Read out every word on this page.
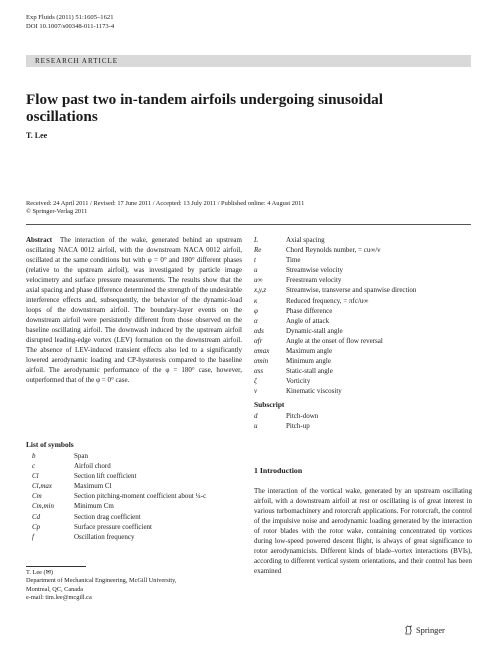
Exp Fluids (2011) 51:1605–1621
DOI 10.1007/s00348-011-1173-4
RESEARCH ARTICLE
Flow past two in-tandem airfoils undergoing sinusoidal oscillations
T. Lee
Received: 24 April 2011 / Revised: 17 June 2011 / Accepted: 13 July 2011 / Published online: 4 August 2011
© Springer-Verlag 2011
Abstract The interaction of the wake, generated behind an upstream oscillating NACA 0012 airfoil, with the downstream NACA 0012 airfoil, oscillated at the same conditions but with φ = 0° and 180° different phases (relative to the upstream airfoil), was investigated by particle image velocimetry and surface pressure measurements. The results show that the axial spacing and phase difference determined the strength of the undesirable interference effects and, subsequently, the behavior of the dynamic-load loops of the downstream airfoil. The boundary-layer events on the downstream airfoil were persistently different from those observed on the baseline oscillating airfoil. The downwash induced by the upstream airfoil disrupted leading-edge vortex (LEV) formation on the downstream airfoil. The absence of LEV-induced transient effects also led to a significantly lowered aerodynamic loading and CP-hysteresis compared to the baseline airfoil. The aerodynamic performance of the φ = 180° case, however, outperformed that of the φ = 0° case.
List of symbols
b	Span
c	Airfoil chord
Cl	Section lift coefficient
Cl,max	Maximum Cl
Cm	Section pitching-moment coefficient about ¼-c
Cm,min	Minimum Cm
Cd	Section drag coefficient
Cp	Surface pressure coefficient
f	Oscillation frequency
L	Axial spacing
Re	Chord Reynolds number, = cu∞/ν
t	Time
u	Streamwise velocity
u∞	Freestream velocity
x,y,z	Streamwise, transverse and spanwise direction
κ	Reduced frequency, = πfc/u∞
φ	Phase difference
α	Angle of attack
αds	Dynamic-stall angle
αfr	Angle at the onset of flow reversal
αmax Maximum angle
αmin	Minimum angle
αss	Static-stall angle
ζ	Vorticity
ν	Kinematic viscosity
Subscript
d	Pitch-down
u	Pitch-up
T. Lee (✉)
Department of Mechanical Engineering, McGill University,
Montreal, QC, Canada
e-mail: tim.lee@mcgill.ca
1 Introduction
The interaction of the vortical wake, generated by an upstream oscillating airfoil, with a downstream airfoil at rest or oscillating is of great interest in various turbomachinery and rotorcraft applications. For rotorcraft, the control of the impulsive noise and aerodynamic loading generated by the interaction of rotor blades with the rotor wake, containing concentrated tip vortices during low-speed powered descent flight, is always of great significance to rotor aerodynamicists. Different kinds of blade–vortex interactions (BVIs), according to different vertical system orientations, and their control has been examined
Springer
